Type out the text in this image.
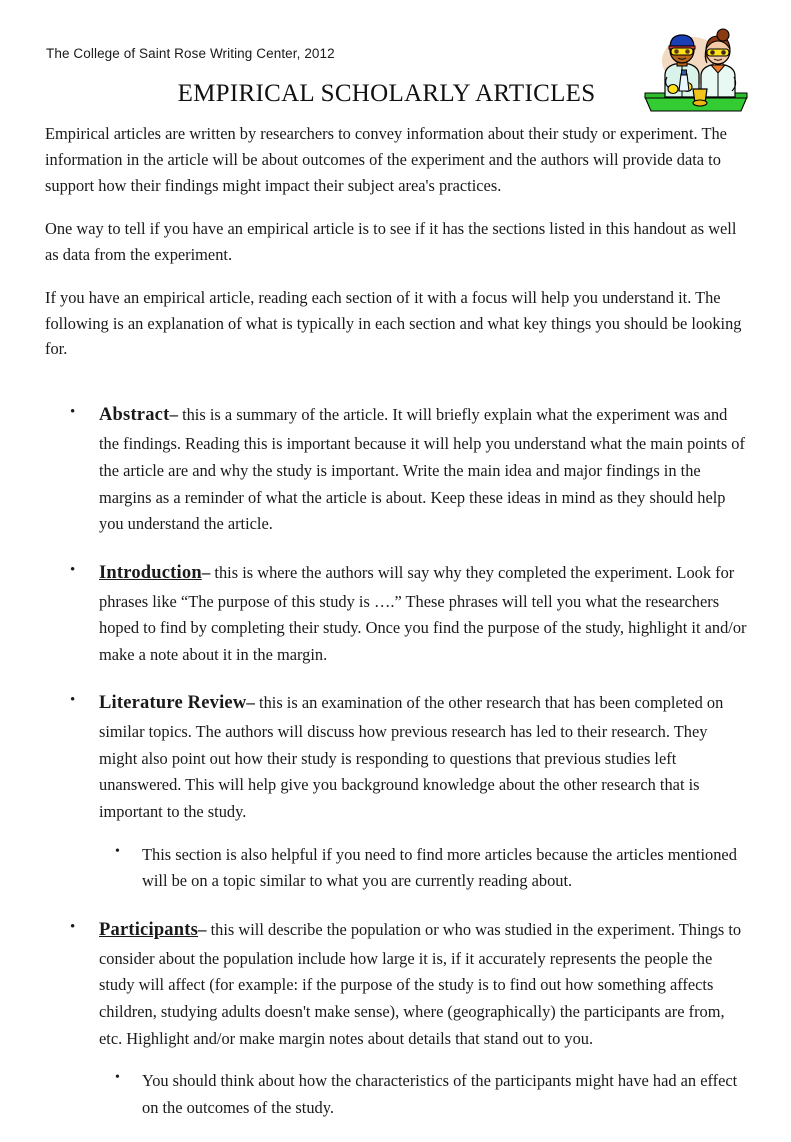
The College of Saint Rose Writing Center, 2012
EMPIRICAL SCHOLARLY ARTICLES

Empirical articles are written by researchers to convey information about their study or experiment. The information in the article will be about outcomes of the experiment and the authors will provide data to support how their findings might impact their subject area's practices.

One way to tell if you have an empirical article is to see if it has the sections listed in this handout as well as data from the experiment.

If you have an empirical article, reading each section of it with a focus will help you understand it. The following is an explanation of what is typically in each section and what key things you should be looking for.

• Abstract– this is a summary of the article. It will briefly explain what the experiment was and the findings. Reading this is important because it will help you understand what the main points of the article are and why the study is important. Write the main idea and major findings in the margins as a reminder of what the article is about. Keep these ideas in mind as they should help you understand the article.
• Introduction– this is where the authors will say why they completed the experiment. Look for phrases like “The purpose of this study is ….” These phrases will tell you what the researchers hoped to find by completing their study. Once you find the purpose of the study, highlight it and/or make a note about it in the margin.
• Literature Review– this is an examination of the other research that has been completed on similar topics. The authors will discuss how previous research has led to their research. They might also point out how their study is responding to questions that previous studies left unanswered. This will help give you background knowledge about the other research that is important to the study.
• This section is also helpful if you need to find more articles because the articles mentioned will be on a topic similar to what you are currently reading about.
• Participants– this will describe the population or who was studied in the experiment. Things to consider about the population include how large it is, if it accurately represents the people the study will affect (for example: if the purpose of the study is to find out how something affects children, studying adults doesn't make sense), where (geographically) the participants are from, etc. Highlight and/or make margin notes about details that stand out to you.
• You should think about how the characteristics of the participants might have had an effect on the outcomes of the study.
